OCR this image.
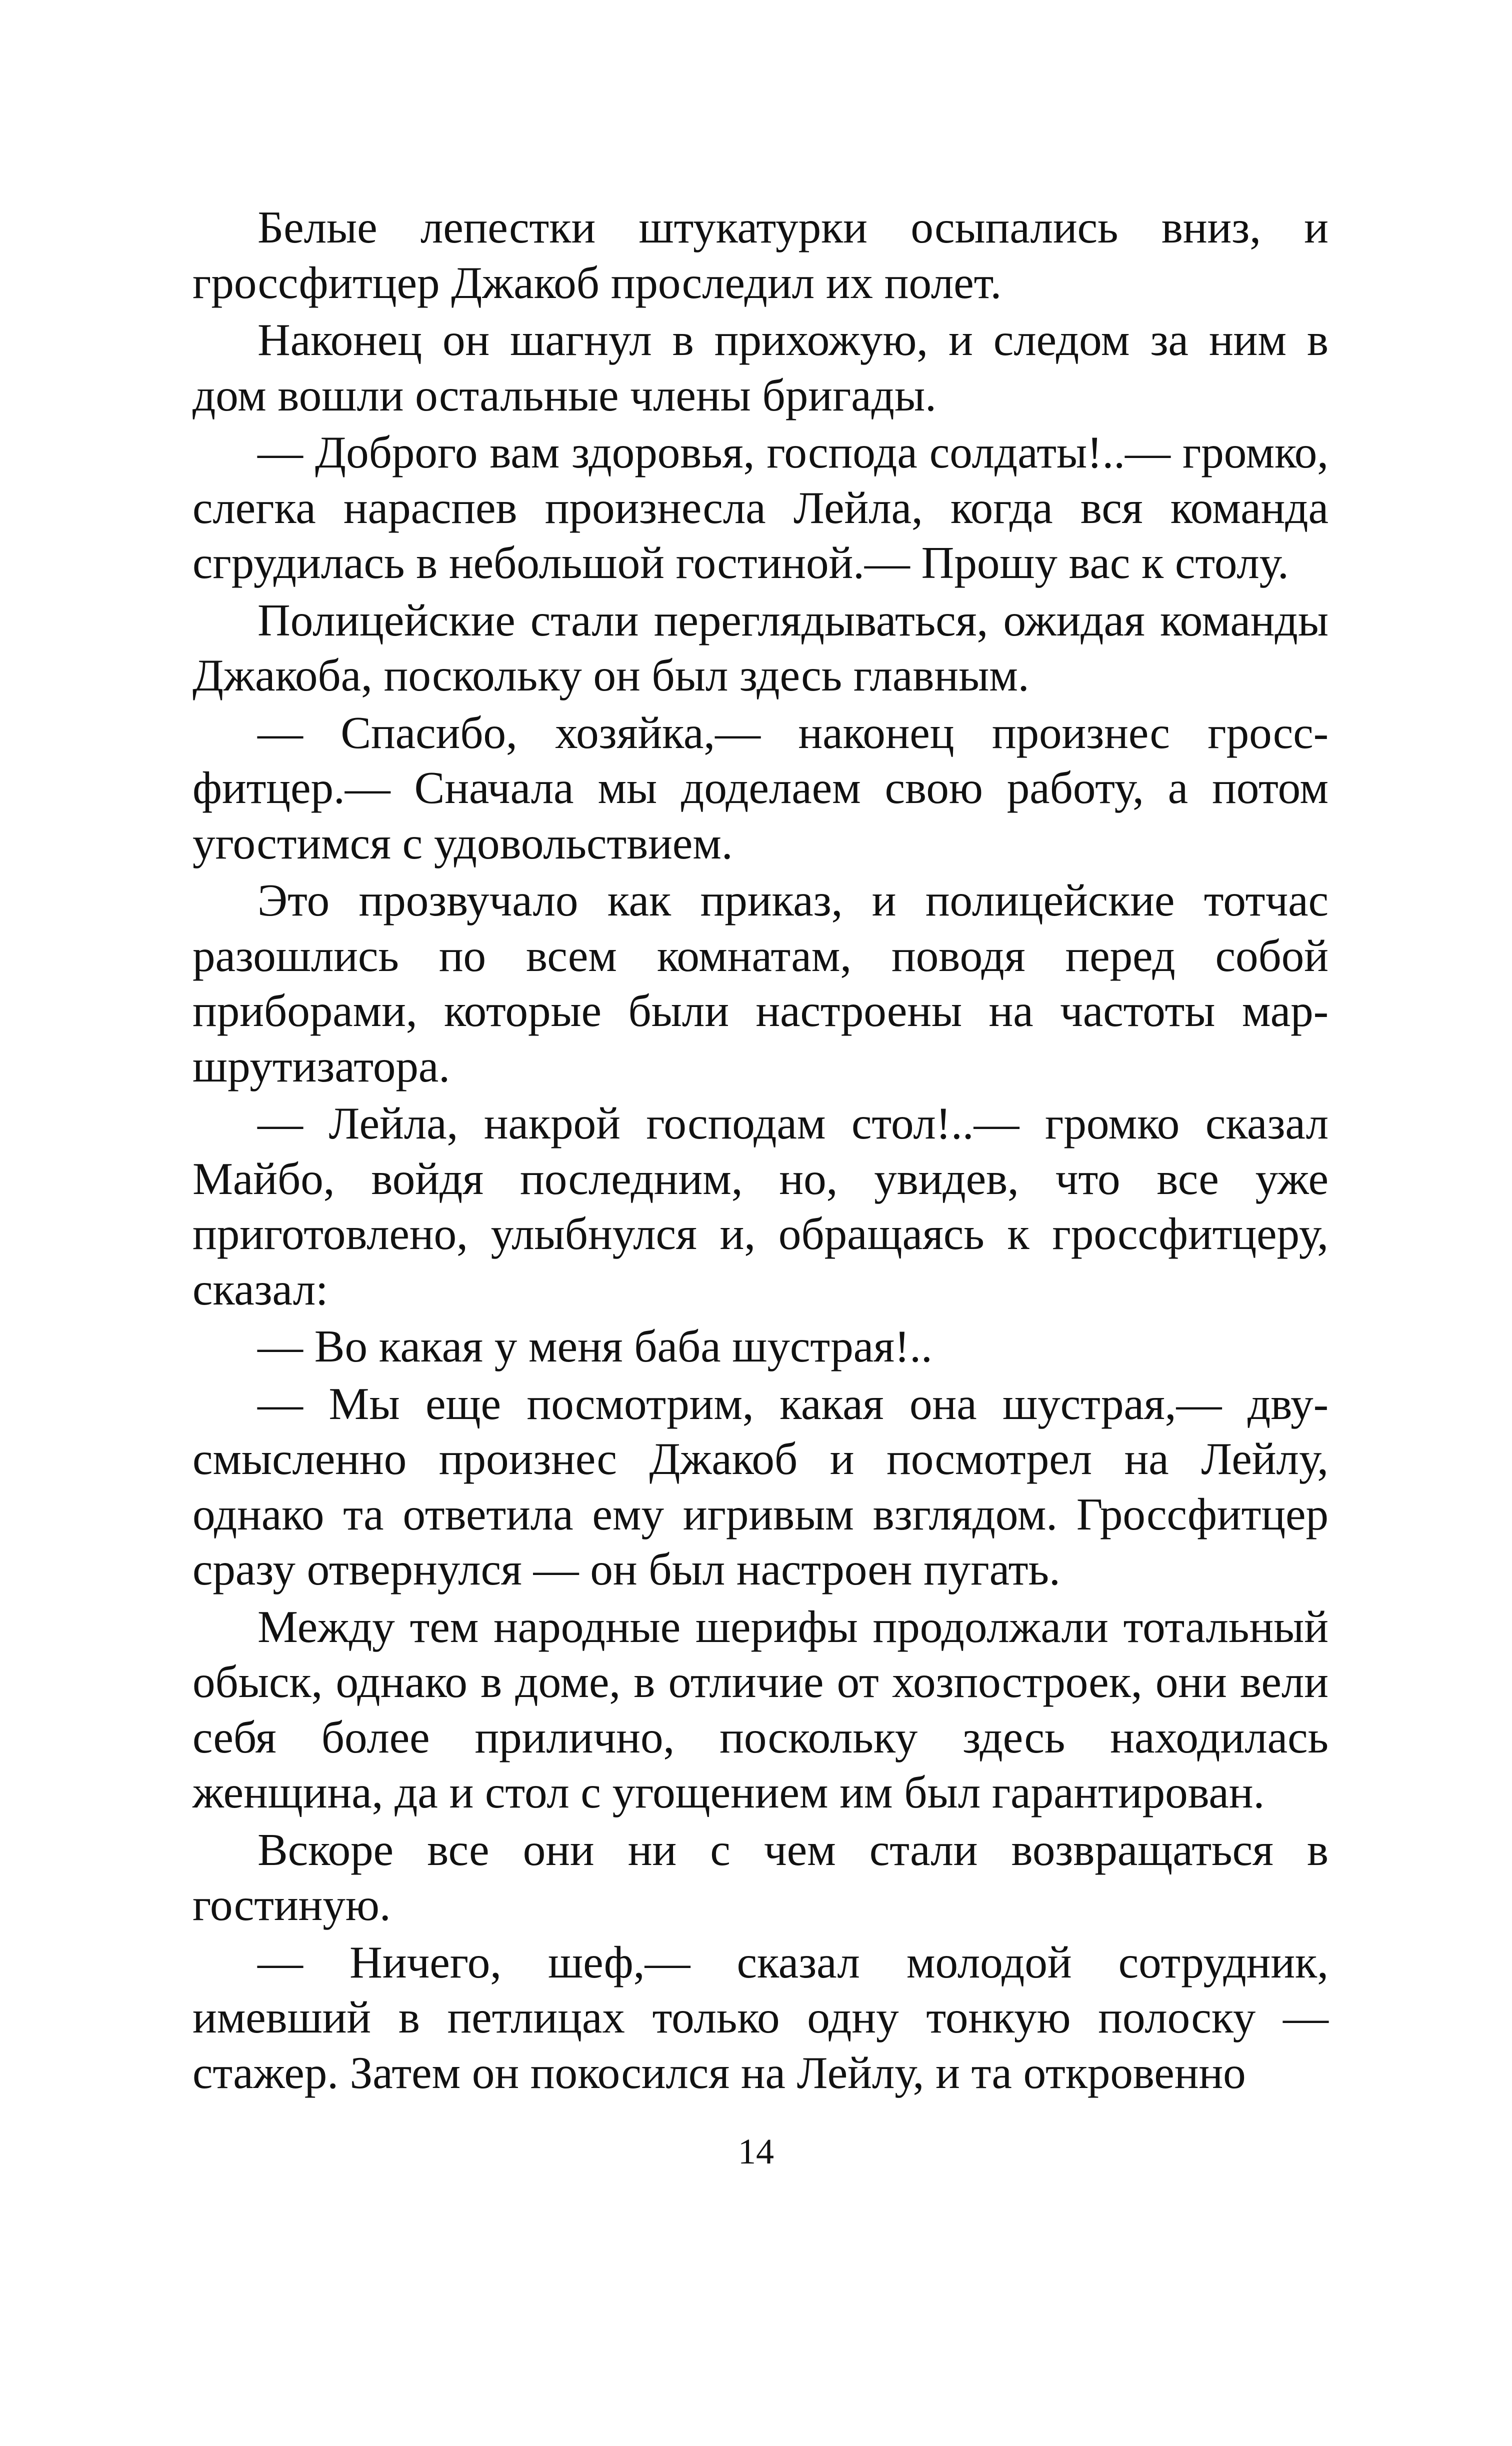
Белые лепестки штукатурки осыпались вниз, и гроссфитцер Джакоб проследил их полет.

Наконец он шагнул в прихожую, и следом за ним в дом вошли остальные члены бригады.

— Доброго вам здоровья, господа солдаты!..— громко, слегка нараспев произнесла Лейла, когда вся команда сгрудилась в небольшой гостиной.— Прошу вас к столу.

Полицейские стали переглядываться, ожидая команды Джакоба, поскольку он был здесь главным.

— Спасибо, хозяйка,— наконец произнес гроссфитцер.— Сначала мы доделаем свою работу, а потом угостимся с удовольствием.

Это прозвучало как приказ, и полицейские тотчас разошлись по всем комнатам, поводя перед собой приборами, которые были настроены на частоты маршрутизатора.

— Лейла, накрой господам стол!..— громко сказал Майбо, войдя последним, но, увидев, что все уже приготовлено, улыбнулся и, обращаясь к гроссфитцеру, сказал:

— Во какая у меня баба шустрая!..

— Мы еще посмотрим, какая она шустрая,— двусмысленно произнес Джакоб и посмотрел на Лейлу, однако та ответила ему игривым взглядом. Гроссфитцер сразу отвернулся — он был настроен пугать.

Между тем народные шерифы продолжали тотальный обыск, однако в доме, в отличие от хозпостроек, они вели себя более прилично, поскольку здесь находилась женщина, да и стол с угощением им был гарантирован.

Вскоре все они ни с чем стали возвращаться в гостиную.

— Ничего, шеф,— сказал молодой сотрудник, имевший в петлицах только одну тонкую полоску — стажер. Затем он покосился на Лейлу, и та откровенно

14
